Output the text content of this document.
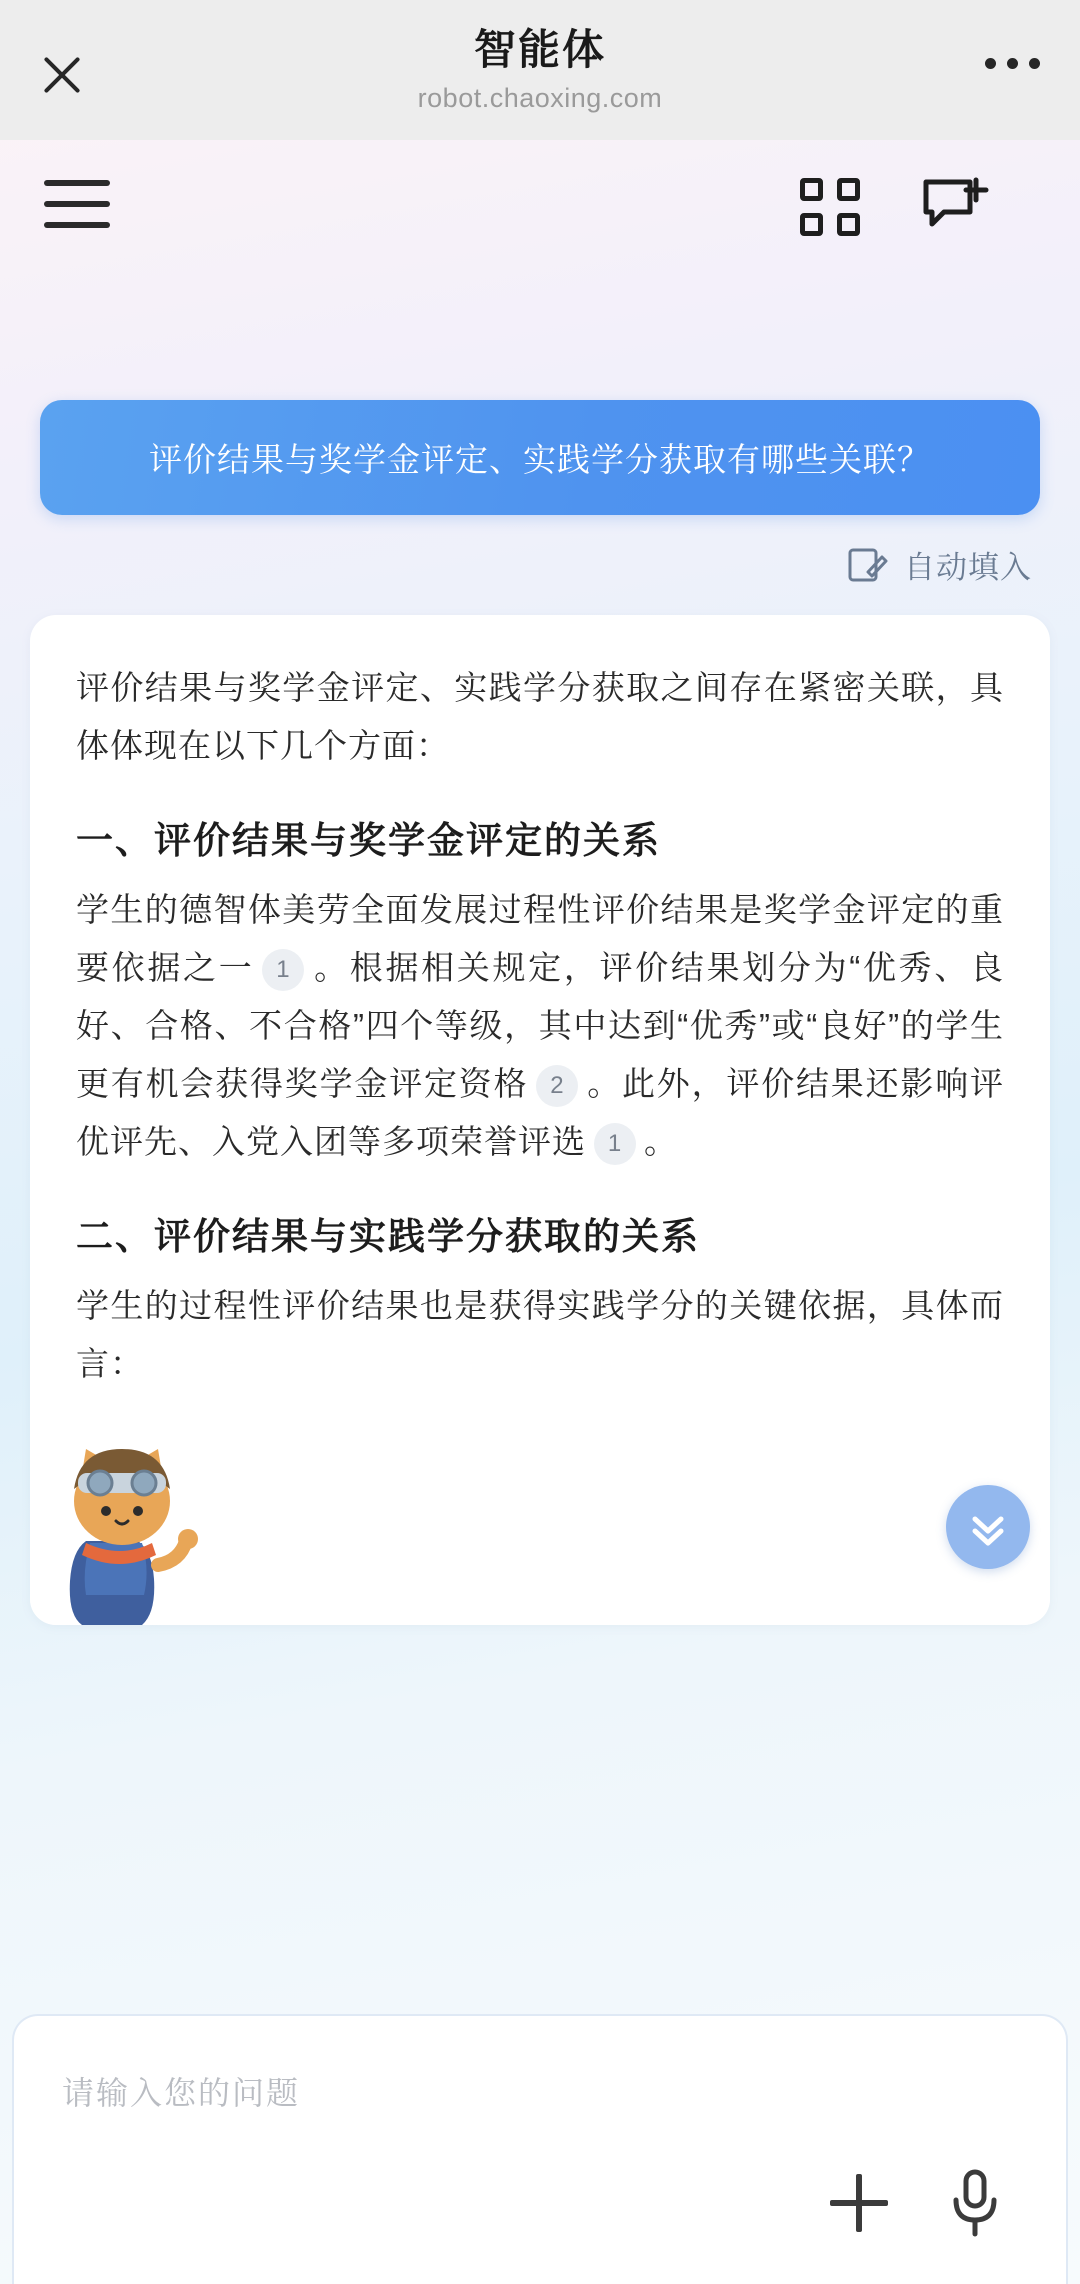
智能体
robot.chaoxing.com
评价结果与奖学金评定、实践学分获取有哪些关联？
自动填入

评价结果与奖学金评定、实践学分获取之间存在紧密关联，具体体现在以下几个方面：

一、评价结果与奖学金评定的关系

学生的德智体美劳全面发展过程性评价结果是奖学金评定的重要依据之一 1 。根据相关规定，评价结果划分为“优秀、良好、合格、不合格”四个等级，其中达到“优秀”或“良好”的学生更有机会获得奖学金评定资格 2 。此外，评价结果还影响评优评先、入党入团等多项荣誉评选 1 。

二、评价结果与实践学分获取的关系

学生的过程性评价结果也是获得实践学分的关键依据，具体而言：

请输入您的问题
